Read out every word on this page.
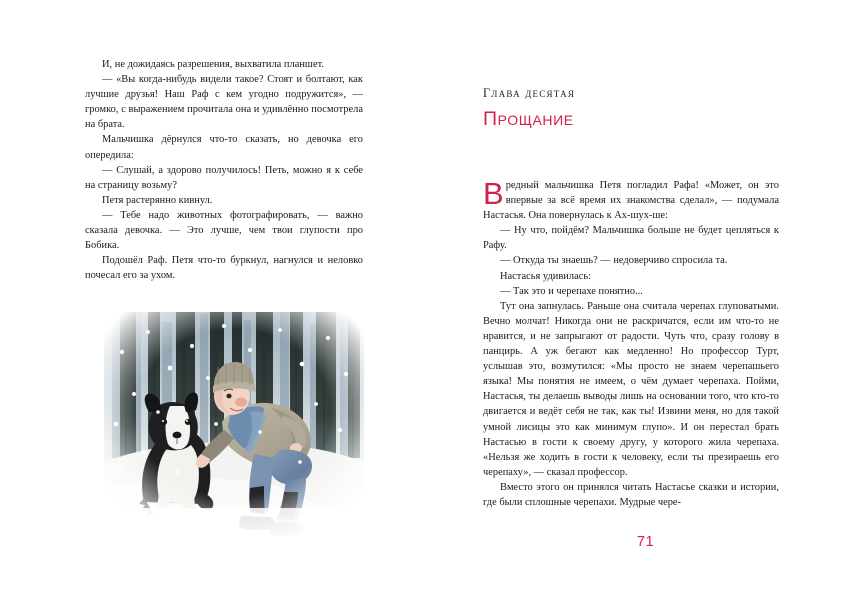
И, не дожидаясь разрешения, выхватила планшет.

— «Вы когда-нибудь видели такое? Стоят и болтают, как лучшие друзья! Наш Раф с кем угодно подружится», — громко, с выражением прочитала она и удивлённо посмотрела на брата.

Мальчишка дёрнулся что-то сказать, но девочка его опередила:

— Слушай, а здорово получилось! Петь, можно я к себе на страницу возьму?

Петя растерянно кивнул.

— Тебе надо животных фотографировать, — важно сказала девочка. — Это лучше, чем твои глупости про Бобика.

Подошёл Раф. Петя что-то буркнул, нагнулся и неловко почесал его за ухом.

Глава десятая
Прощание

Вредный мальчишка Петя погладил Рафа! «Может, он это впервые за всё время их знакомства сделал», — подумала Настасья. Она повернулась к Ах-шух-ше:

— Ну что, пойдём? Мальчишка больше не будет цепляться к Рафу.

— Откуда ты знаешь? — недоверчиво спросила та.

Настасья удивилась:

— Так это и черепахе понятно...

Тут она запнулась. Раньше она считала черепах глуповатыми. Вечно молчат! Никогда они не раскричатся, если им что-то не нравится, и не запрыгают от радости. Чуть что, сразу голову в панцирь. А уж бегают как медленно! Но профессор Турт, услышав это, возмутился: «Мы просто не знаем черепашьего языка! Мы понятия не имеем, о чём думает черепаха. Пойми, Настасья, ты делаешь выводы лишь на основании того, что кто-то двигается и ведёт себя не так, как ты! Извини меня, но для такой умной лисицы это как минимум глупо». И он перестал брать Настасью в гости к своему другу, у которого жила черепаха. «Нельзя же ходить в гости к человеку, если ты презираешь его черепаху», — сказал профессор.

Вместо этого он принялся читать Настасье сказки и истории, где были сплошные черепахи. Мудрые чере-

71
